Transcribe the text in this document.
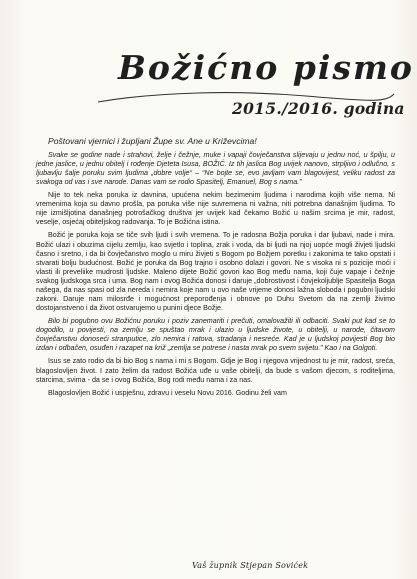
Božićno pismo
2015./2016. godina

Poštovani vjernici i župljani Župe sv. Ane u Križevcima!

Svake se godine nade i strahovi, želje i čežnje, muke i vapaji čovječanstva slijevaju u jednu noć, u špilju, u jedne jaslice, u jednu obitelj i rođenje Djeteta Isusa, BOŽIĆ. Iz tih jaslica Bog uvijek nanovo, strpljivo i odlučno, s ljubavlju šalje poruku svim ljudima „dobre volje“ – “Ne bojte se, evo javljam vam blagovijest, veliku radost za svakoga od vas i sve narode. Danas vam se rodio Spasitelj, Emanuel, Bog s nama.”

Nije to tek neka poruka iz davnina, upućena nekim bezimenim ljudima i narodima kojih više nema. Ni vremenima koja su davno prošla, pa poruka više nije suvremena ni važna, niti potrebna današnjim ljudima. To nije izmišljotina današnjeg potrošačkog društva jer uvijek kad čekamo Božić u našim srcima je mir, radost, veselje, osjećaj obiteljskog radovanja. To je Božićna istina.

Božić je poruka koja se tiče svih ljudi i svih vremena. To je radosna Božja poruka i dar ljubavi, nade i mira. Božić ulazi i obuzima cijelu zemlju, kao svjetlo i toplina, zrak i voda, da bi ljudi na njoj uopće mogli živjeti ljudski časno i sretno, i da bi čovječanstvo moglo u miru živjeti s Bogom po Božjem poretku i zakonima te tako opstati i stvarati bolju budućnost. Božić je poruka da Bog trajno i osobno dolazi i govori. Ne s visoka ni s pozicije moći i vlasti ili preveliike mudrosti ljudske. Maleno dijete Božić govori kao Bog među nama, koji čuje vapaje i čežnje svakog ljudskoga srca i uma. Bog nam i ovog Božića donosi i daruje „dobrostivost i čovjekoljublje Spasitelja Boga našega, da nas spasi od zla nereda i nemira koje nam u ovo naše vrijeme donosi lažna sloboda i pogubni ljudski zakoni. Daruje nam milosrđe i mogućnost preporođenja i obnove po Duhu Svetom da na zemlji živimo dostojanstveno i da život ostvarujemo u punini djece Božje.

Bilo bi pogubno ovu Božićnu poruku i poziv zanemariti i prečuti, omalovažiti ili odbaciti. Svaki put kad se to dogodilo, u povijesti, na zemlju se spuštao mrak i ulazio u ljudske živote, u obitelji, u narode, čitavom čovječanstvu donoseći stranputice, zlo nemira i ratova, stradanja i nesreće. Kad je u ljudskoj povijesti Bog bio izdan i odbačen, osuđen i razapet na križ „zemlja se potrese i nasta mrak po svem svijetu.” Kao i na Golgoti.

Isus se zato rodio da bi bio Bog s nama i mi s Bogom. Gdje je Bog i njegova vrijednost tu je mir, radost, sreća, blagoslovljen život. I zato želim da radost Božića uđe u vaše obitelji, da bude s vašom djecom, s roditeljima, starcima, svima - da se i ovog Božića, Bog rodi među nama i za nas.

Blagoslovljen Božić i uspješnu, zdravu i veselu Novu 2016. Godinu želi vam

Vaš župnik Stjepan Sovićek
